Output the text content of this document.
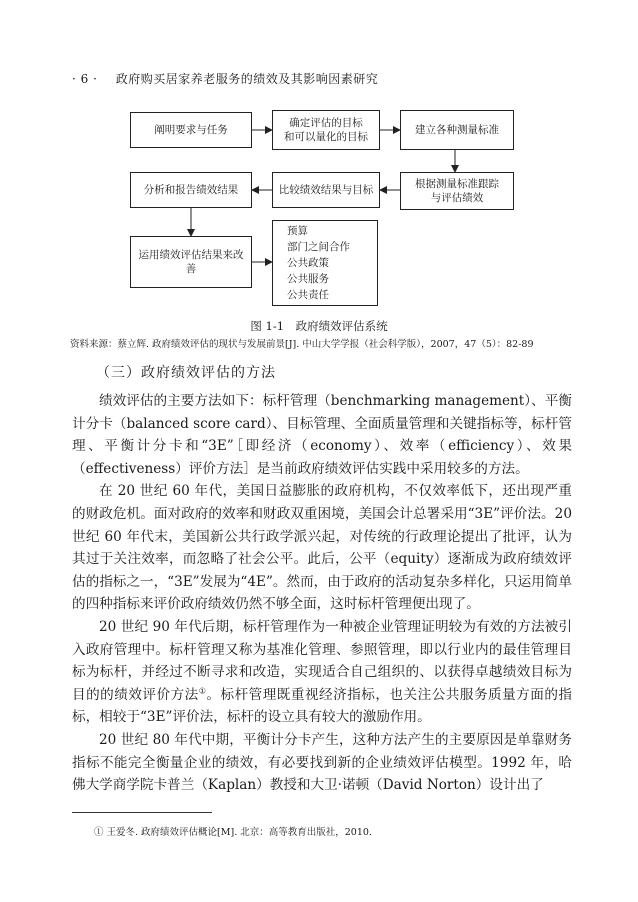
· 6 · 政府购买居家养老服务的绩效及其影响因素研究
阐明要求与任务
确定评估的目标
和可以量化的目标
建立各种测量标准
根据测量标准跟踪
与评估绩效
比较绩效结果与目标
分析和报告绩效结果
运用绩效评估结果来改善
预算
部门之间合作
公共政策
公共服务
公共责任
图 1-1　政府绩效评估系统
资料来源：蔡立辉. 政府绩效评估的现状与发展前景[J]. 中山大学学报（社会科学版），2007，47（5）：82-89
（三）政府绩效评估的方法

绩效评估的主要方法如下：标杆管理（benchmarking management）、平衡计分卡（balanced score card）、目标管理、全面质量管理和关键指标等，标杆管理、平衡计分卡和“3E”［即经济（economy）、效率（efficiency）、效果（effectiveness）评价方法］是当前政府绩效评估实践中采用较多的方法。

在 20 世纪 60 年代，美国日益膨胀的政府机构，不仅效率低下，还出现严重的财政危机。面对政府的效率和财政双重困境，美国会计总署采用“3E”评价法。20 世纪 60 年代末，美国新公共行政学派兴起，对传统的行政理论提出了批评，认为其过于关注效率，而忽略了社会公平。此后，公平（equity）逐渐成为政府绩效评估的指标之一，“3E”发展为“4E”。然而，由于政府的活动复杂多样化，只运用简单的四种指标来评价政府绩效仍然不够全面，这时标杆管理便出现了。

20 世纪 90 年代后期，标杆管理作为一种被企业管理证明较为有效的方法被引入政府管理中。标杆管理又称为基准化管理、参照管理，即以行业内的最佳管理目标为标杆，并经过不断寻求和改造，实现适合自己组织的、以获得卓越绩效目标为目的的绩效评价方法①。标杆管理既重视经济指标，也关注公共服务质量方面的指标，相较于“3E”评价法，标杆的设立具有较大的激励作用。

20 世纪 80 年代中期，平衡计分卡产生，这种方法产生的主要原因是单靠财务指标不能完全衡量企业的绩效，有必要找到新的企业绩效评估模型。1992 年，哈佛大学商学院卡普兰（Kaplan）教授和大卫·诺顿（David Norton）设计出了

① 王爱冬. 政府绩效评估概论[M]. 北京：高等教育出版社，2010.
